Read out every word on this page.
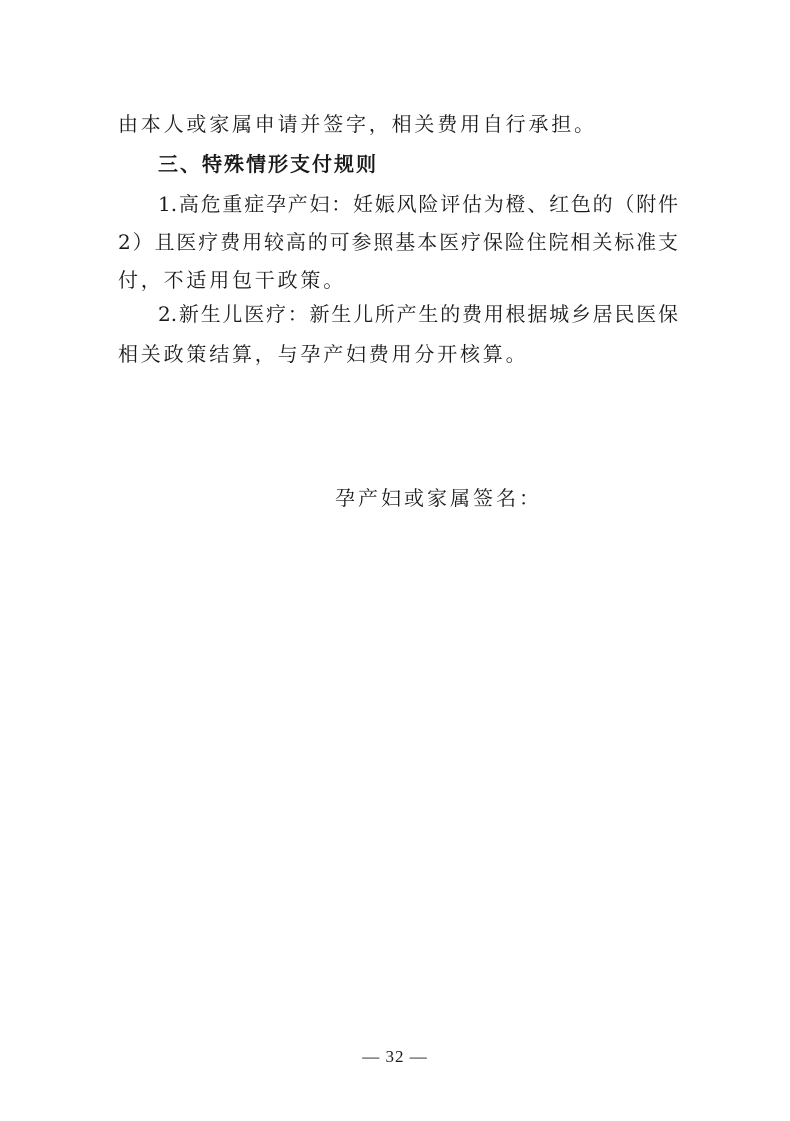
由本人或家属申请并签字，相关费用自行承担。
三、特殊情形支付规则
1.高危重症孕产妇：妊娠风险评估为橙、红色的（附件
2）且医疗费用较高的可参照基本医疗保险住院相关标准支
付，不适用包干政策。
2.新生儿医疗：新生儿所产生的费用根据城乡居民医保
相关政策结算，与孕产妇费用分开核算。
孕产妇或家属签名：
— 32 —
